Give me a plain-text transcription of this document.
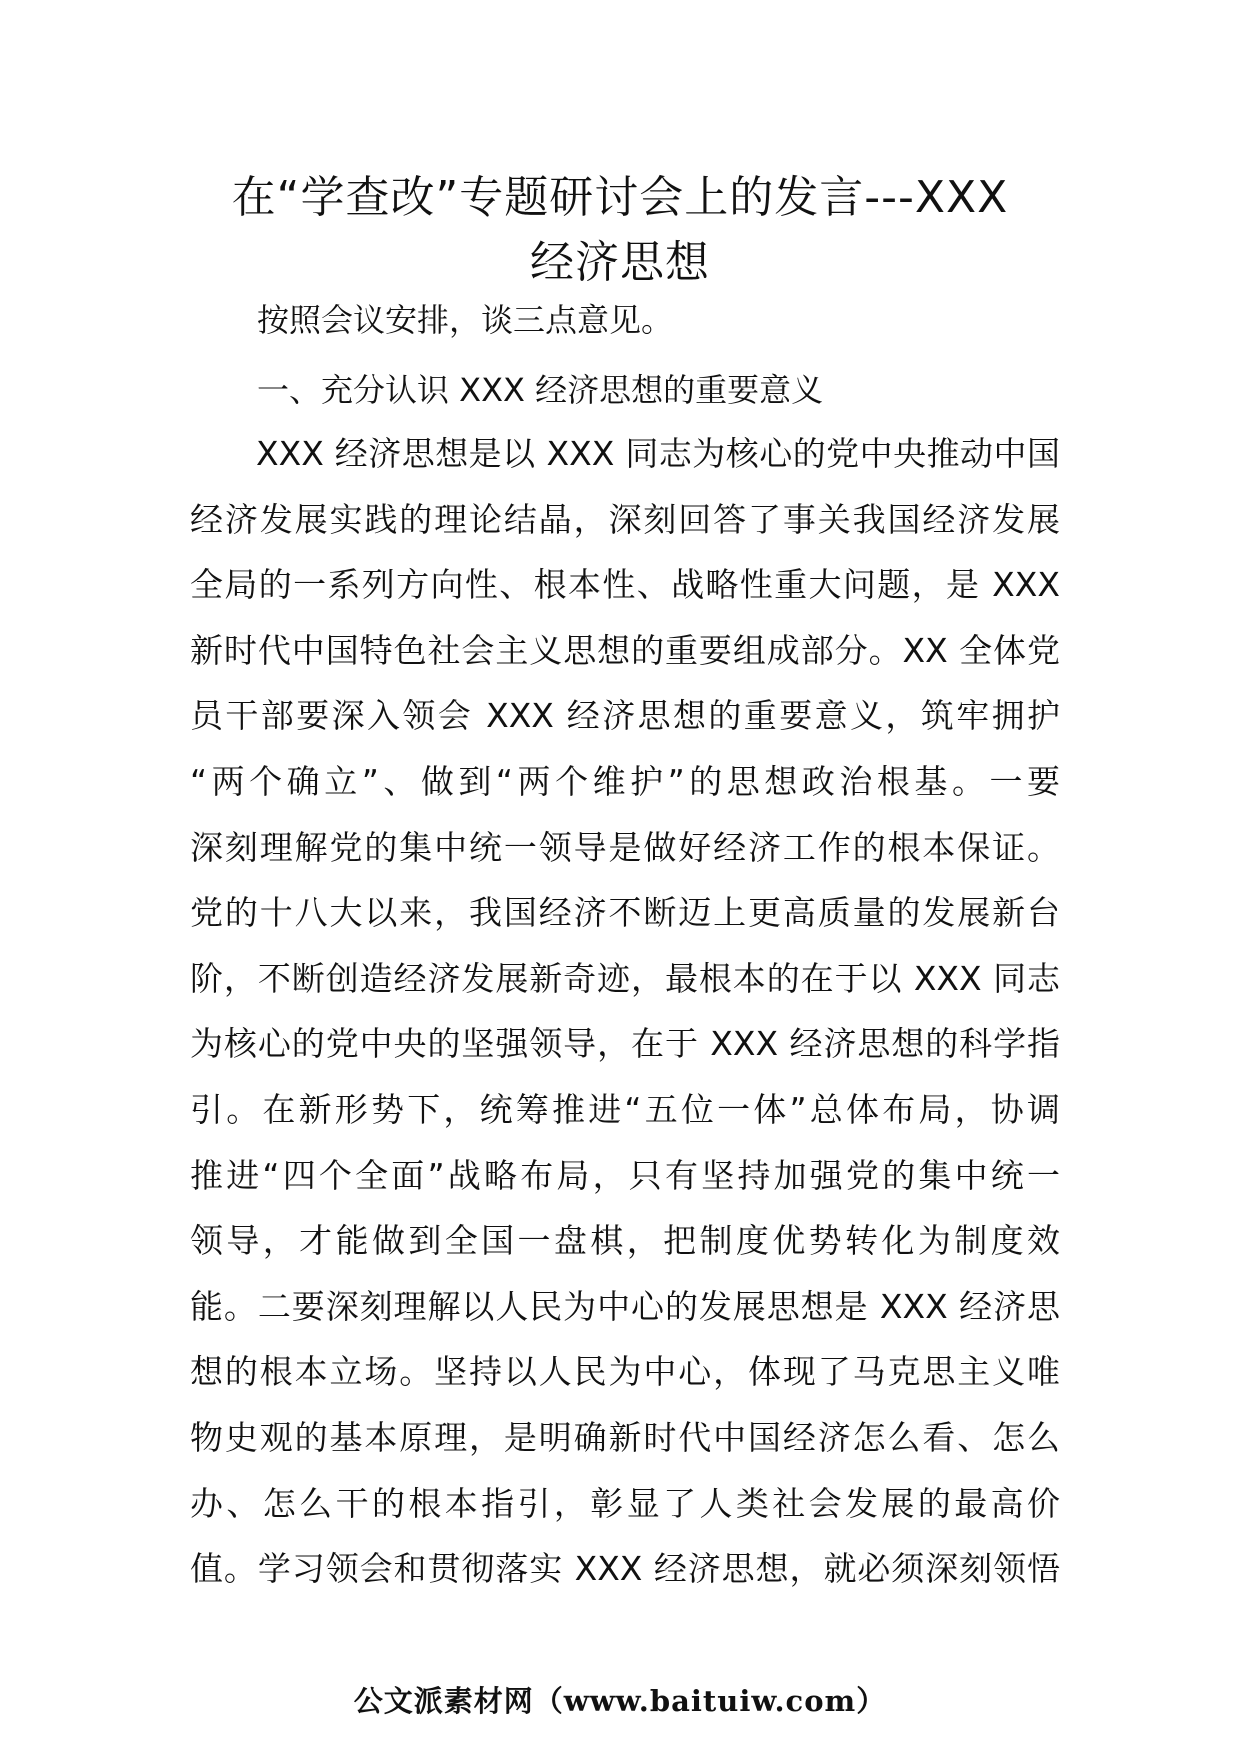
在“学查改”专题研讨会上的发言---XXX
经济思想
按照会议安排，谈三点意见。
一、充分认识 XXX 经济思想的重要意义
XXX 经济思想是以 XXX 同志为核心的党中央推动中国
经济发展实践的理论结晶，深刻回答了事关我国经济发展
全局的一系列方向性、根本性、战略性重大问题，是 XXX
新时代中国特色社会主义思想的重要组成部分。XX 全体党
员干部要深入领会 XXX 经济思想的重要意义，筑牢拥护
“两个确立”、做到“两个维护”的思想政治根基。一要
深刻理解党的集中统一领导是做好经济工作的根本保证。
党的十八大以来，我国经济不断迈上更高质量的发展新台
阶，不断创造经济发展新奇迹，最根本的在于以 XXX 同志
为核心的党中央的坚强领导，在于 XXX 经济思想的科学指
引。在新形势下，统筹推进“五位一体”总体布局，协调
推进“四个全面”战略布局，只有坚持加强党的集中统一
领导，才能做到全国一盘棋，把制度优势转化为制度效
能。二要深刻理解以人民为中心的发展思想是 XXX 经济思
想的根本立场。坚持以人民为中心，体现了马克思主义唯
物史观的基本原理，是明确新时代中国经济怎么看、怎么
办、怎么干的根本指引，彰显了人类社会发展的最高价
值。学习领会和贯彻落实 XXX 经济思想，就必须深刻领悟
公文派素材网（www.baituiw.com）
